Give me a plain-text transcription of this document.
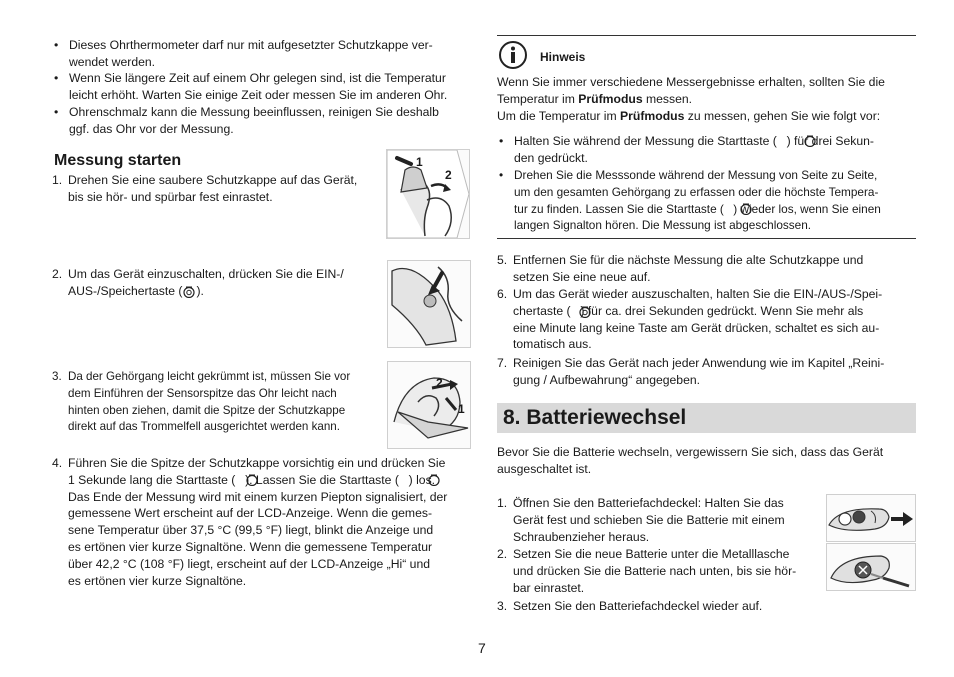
• Dieses Ohrthermometer darf nur mit aufgesetzter Schutzkappe ver-
wendet werden.
• Wenn Sie längere Zeit auf einem Ohr gelegen sind, ist die Temperatur
leicht erhöht. Warten Sie einige Zeit oder messen Sie im anderen Ohr.
• Ohrenschmalz kann die Messung beeinflussen, reinigen Sie deshalb
ggf. das Ohr vor der Messung.
Messung starten
1. Drehen Sie eine saubere Schutzkappe auf das Gerät,
bis sie hör- und spürbar fest einrastet.
1
2
2. Um das Gerät einzuschalten, drücken Sie die EIN-/
AUS-/Speichertaste ( ).
3. Da der Gehörgang leicht gekrümmt ist, müssen Sie vor
dem Einführen der Sensorspitze das Ohr leicht nach
hinten oben ziehen, damit die Spitze der Schutzkappe
direkt auf das Trommelfell ausgerichtet werden kann.
2
1
4. Führen Sie die Spitze der Schutzkappe vorsichtig ein und drücken Sie
1 Sekunde lang die Starttaste (    ). Lassen Sie die Starttaste (    ) los.
Das Ende der Messung wird mit einem kurzen Piepton signalisiert, der
gemessene Wert erscheint auf der LCD-Anzeige. Wenn die gemes-
sene Temperatur über 37,5 °C (99,5 °F) liegt, blinkt die Anzeige und
es ertönen vier kurze Signaltöne. Wenn die gemessene Temperatur
über 42,2 °C (108 °F) liegt, erscheint auf der LCD-Anzeige „Hi“ und
es ertönen vier kurze Signaltöne.
Hinweis

Wenn Sie immer verschiedene Messergebnisse erhalten, sollten Sie die

Temperatur im Prüfmodus messen.

Um die Temperatur im Prüfmodus zu messen, gehen Sie wie folgt vor:

• Halten Sie während der Messung die Starttaste (    ) für drei Sekun-
den gedrückt.
• Drehen Sie die Messsonde während der Messung von Seite zu Seite,
um den gesamten Gehörgang zu erfassen oder die höchste Tempera-
tur zu finden. Lassen Sie die Starttaste (    ) wieder los, wenn Sie einen
langen Signalton hören. Die Messung ist abgeschlossen.
5. Entfernen Sie für die nächste Messung die alte Schutzkappe und
setzen Sie eine neue auf.
6. Um das Gerät wieder auszuschalten, halten Sie die EIN-/AUS-/Spei-
chertaste (    ) für ca. drei Sekunden gedrückt. Wenn Sie mehr als
eine Minute lang keine Taste am Gerät drücken, schaltet es sich au-
tomatisch aus.
7. Reinigen Sie das Gerät nach jeder Anwendung wie im Kapitel „Reini-
gung / Aufbewahrung“ angegeben.
8. Batteriewechsel

Bevor Sie die Batterie wechseln, vergewissern Sie sich, dass das Gerät
ausgeschaltet ist.

1. Öffnen Sie den Batteriefachdeckel: Halten Sie das
Gerät fest und schieben Sie die Batterie mit einem
Schraubenzieher heraus.
2. Setzen Sie die neue Batterie unter die Metalllasche
und drücken Sie die Batterie nach unten, bis sie hör-
bar einrastet.
3. Setzen Sie den Batteriefachdeckel wieder auf.
7
